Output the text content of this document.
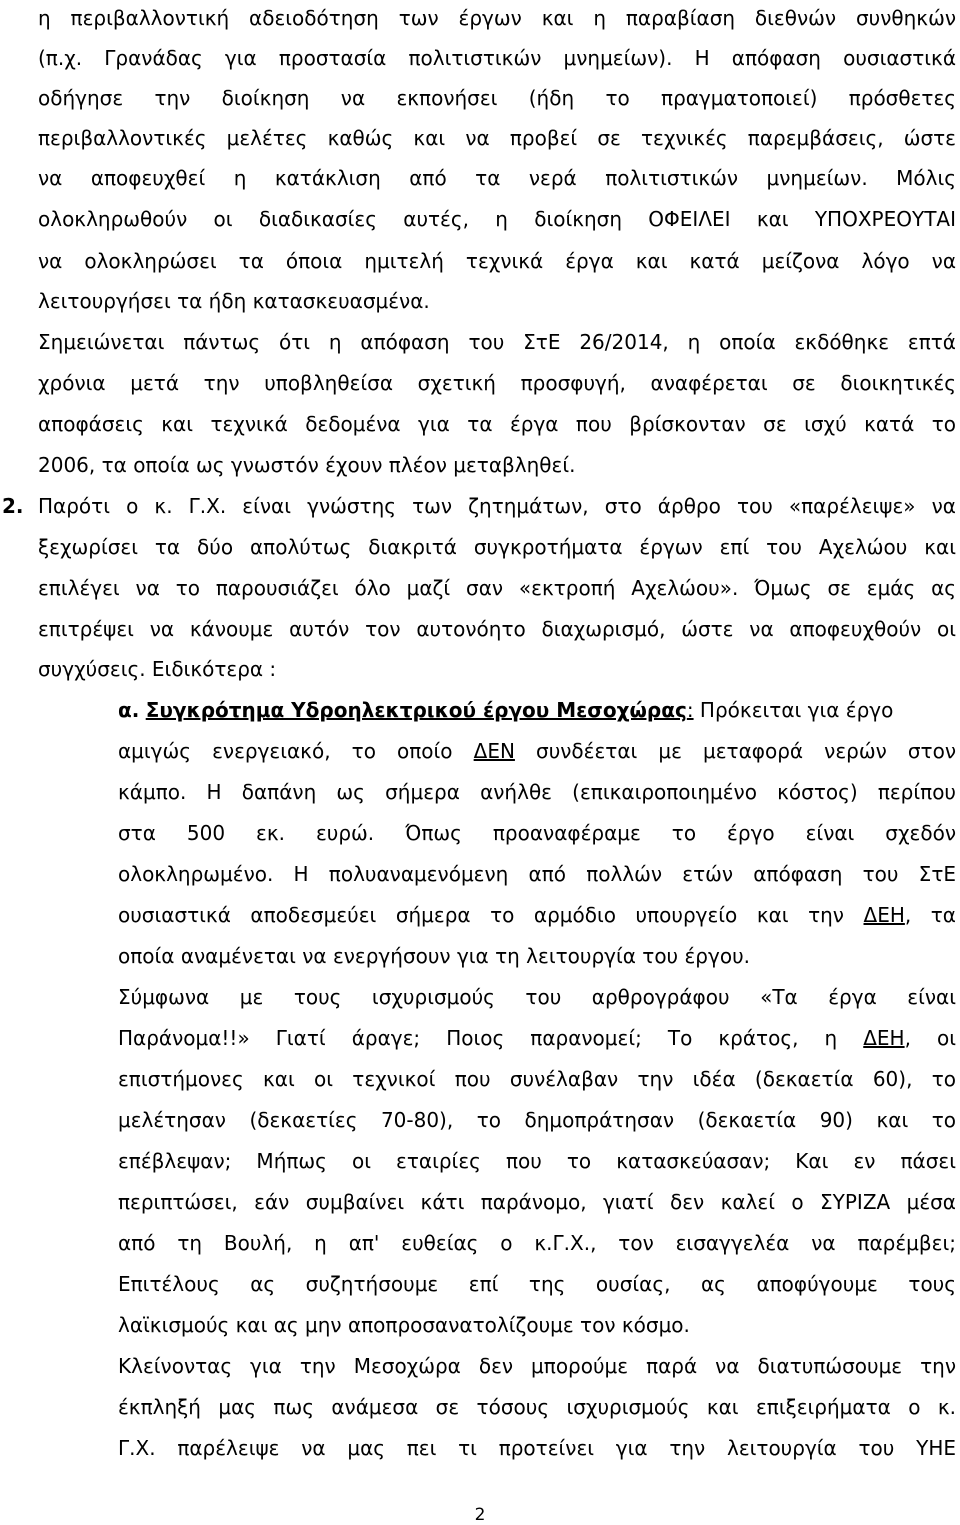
η περιβαλλοντική αδειοδότηση των έργων και η παραβίαση διεθνών συνθηκών
(π.χ. Γρανάδας για προστασία πολιτιστικών μνημείων). Η απόφαση ουσιαστικά
οδήγησε την διοίκηση να εκπονήσει (ήδη το πραγματοποιεί) πρόσθετες
περιβαλλοντικές μελέτες καθώς και να προβεί σε τεχνικές παρεμβάσεις, ώστε
να αποφευχθεί η κατάκλιση από τα νερά πολιτιστικών μνημείων. Μόλις
ολοκληρωθούν οι διαδικασίες αυτές, η διοίκηση ΟΦΕΙΛΕΙ και ΥΠΟΧΡΕΟΥΤΑΙ
να ολοκληρώσει τα όποια ημιτελή τεχνικά έργα και κατά μείζονα λόγο να
λειτουργήσει τα ήδη κατασκευασμένα.
Σημειώνεται πάντως ότι η απόφαση του ΣτΕ 26/2014, η οποία εκδόθηκε επτά
χρόνια μετά την υποβληθείσα σχετική προσφυγή, αναφέρεται σε διοικητικές
αποφάσεις και τεχνικά δεδομένα για τα έργα που βρίσκονταν σε ισχύ κατά το
2006, τα οποία ως γνωστόν έχουν πλέον μεταβληθεί.
2. Παρότι ο κ. Γ.Χ. είναι γνώστης των ζητημάτων, στο άρθρο του «παρέλειψε» να
ξεχωρίσει τα δύο απολύτως διακριτά συγκροτήματα έργων επί του Αχελώου και
επιλέγει να το παρουσιάζει όλο μαζί σαν «εκτροπή Αχελώου». Όμως σε εμάς ας
επιτρέψει να κάνουμε αυτόν τον αυτονόητο διαχωρισμό, ώστε να αποφευχθούν οι
συγχύσεις. Ειδικότερα :
α. Συγκρότημα Υδροηλεκτρικού έργου Μεσοχώρας: Πρόκειται για έργο
αμιγώς ενεργειακό, το οποίο ΔΕΝ συνδέεται με μεταφορά νερών στον
κάμπο. Η δαπάνη ως σήμερα ανήλθε (επικαιροποιημένο κόστος) περίπου
στα 500 εκ. ευρώ. Όπως προαναφέραμε το έργο είναι σχεδόν
ολοκληρωμένο. Η πολυαναμενόμενη από πολλών ετών απόφαση του ΣτΕ
ουσιαστικά αποδεσμεύει σήμερα το αρμόδιο υπουργείο και την ΔΕΗ, τα
οποία αναμένεται να ενεργήσουν για τη λειτουργία του έργου.
Σύμφωνα με τους ισχυρισμούς του αρθρογράφου «Τα έργα είναι
Παράνομα!!» Γιατί άραγε; Ποιος παρανομεί; Το κράτος, η ΔΕΗ, οι
επιστήμονες και οι τεχνικοί που συνέλαβαν την ιδέα (δεκαετία 60), το
μελέτησαν (δεκαετίες 70-80), το δημοπράτησαν (δεκαετία 90) και το
επέβλεψαν; Μήπως οι εταιρίες που το κατασκεύασαν; Και εν πάσει
περιπτώσει, εάν συμβαίνει κάτι παράνομο, γιατί δεν καλεί ο ΣΥΡΙΖΑ μέσα
από τη Βουλή, η απ' ευθείας ο κ.Γ.Χ., τον εισαγγελέα να παρέμβει;
Επιτέλους ας συζητήσουμε επί της ουσίας, ας αποφύγουμε τους
λαϊκισμούς και ας μην αποπροσανατολίζουμε τον κόσμο.
Κλείνοντας για την Μεσοχώρα δεν μπορούμε παρά να διατυπώσουμε την
έκπληξή μας πως ανάμεσα σε τόσους ισχυρισμούς και επιξειρήματα ο κ.
Γ.Χ. παρέλειψε να μας πει τι προτείνει για την λειτουργία του ΥΗΕ
2
